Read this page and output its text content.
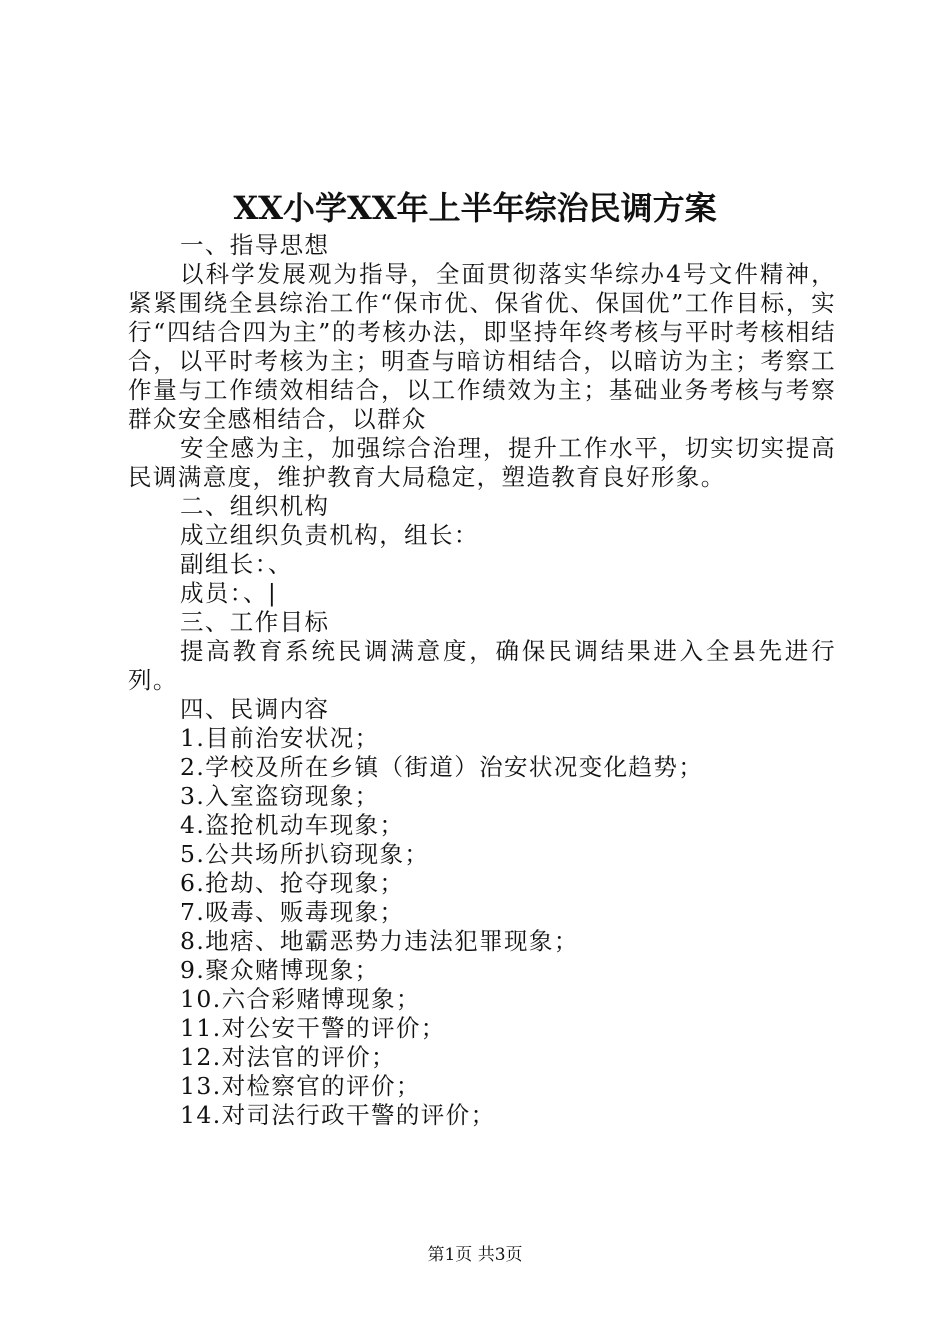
XX小学XX年上半年综治民调方案

一、指导思想

以科学发展观为指导，全面贯彻落实华综办4号文件精神，紧紧围绕全县综治工作“保市优、保省优、保国优”工作目标，实行“四结合四为主”的考核办法，即坚持年终考核与平时考核相结合，以平时考核为主；明查与暗访相结合，以暗访为主；考察工作量与工作绩效相结合，以工作绩效为主；基础业务考核与考察群众安全感相结合，以群众

安全感为主，加强综合治理，提升工作水平，切实切实提高民调满意度，维护教育大局稳定，塑造教育良好形象。

二、组织机构

成立组织负责机构，组长：

副组长：、

成员：、|

三、工作目标

提高教育系统民调满意度，确保民调结果进入全县先进行列。

四、民调内容

1.目前治安状况；

2.学校及所在乡镇（街道）治安状况变化趋势；

3.入室盗窃现象；

4.盗抢机动车现象；

5.公共场所扒窃现象；

6.抢劫、抢夺现象；

7.吸毒、贩毒现象；

8.地痞、地霸恶势力违法犯罪现象；

9.聚众赌博现象；

10.六合彩赌博现象；

11.对公安干警的评价；

12.对法官的评价；

13.对检察官的评价；

14.对司法行政干警的评价；

第1页 共3页
